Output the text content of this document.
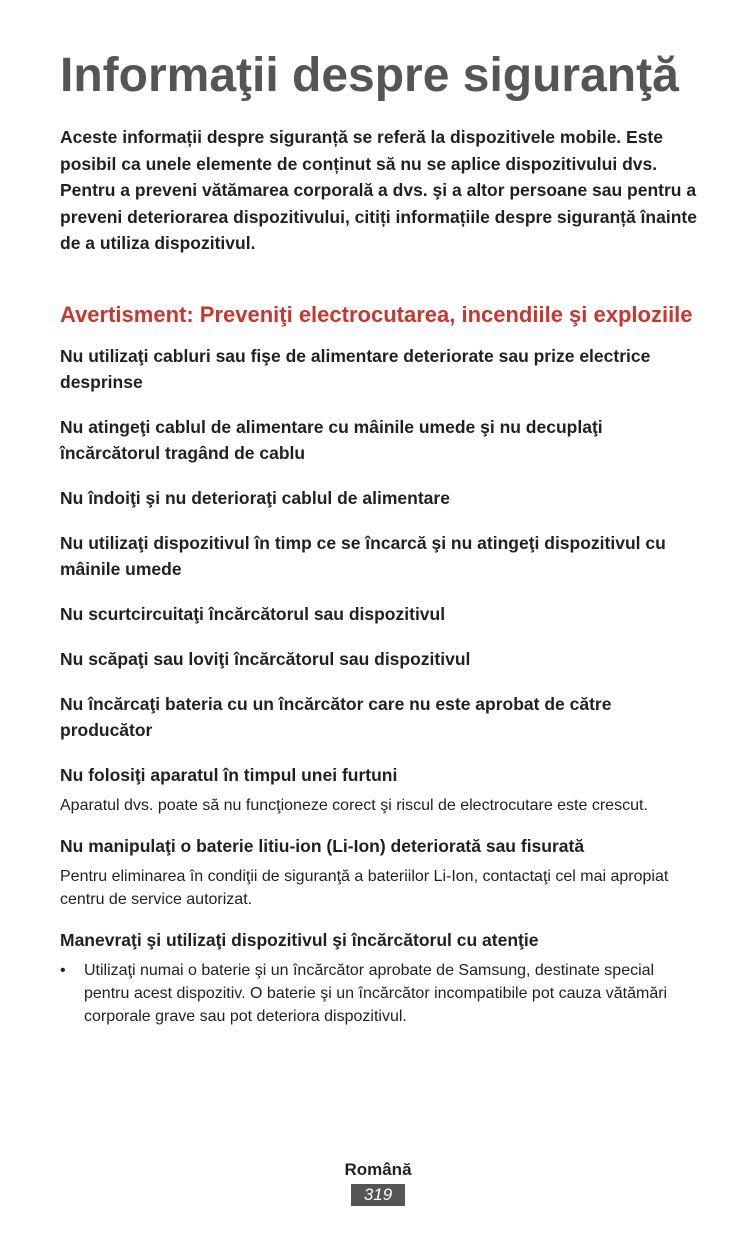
Informaţii despre siguranţă

Aceste informații despre siguranță se referă la dispozitivele mobile. Este posibil ca unele elemente de conținut să nu se aplice dispozitivului dvs. Pentru a preveni vătămarea corporală a dvs. şi a altor persoane sau pentru a preveni deteriorarea dispozitivului, citiți informațiile despre siguranță înainte de a utiliza dispozitivul.

Avertisment: Preveniţi electrocutarea, incendiile şi exploziile

Nu utilizaţi cabluri sau fişe de alimentare deteriorate sau prize electrice desprinse

Nu atingeţi cablul de alimentare cu mâinile umede şi nu decuplaţi încărcătorul tragând de cablu

Nu îndoiţi şi nu deterioraţi cablul de alimentare

Nu utilizaţi dispozitivul în timp ce se încarcă şi nu atingeţi dispozitivul cu mâinile umede

Nu scurtcircuitaţi încărcătorul sau dispozitivul

Nu scăpaţi sau loviţi încărcătorul sau dispozitivul

Nu încărcaţi bateria cu un încărcător care nu este aprobat de către producător

Nu folosiţi aparatul în timpul unei furtuni

Aparatul dvs. poate să nu funcţioneze corect şi riscul de electrocutare este crescut.

Nu manipulaţi o baterie litiu-ion (Li-Ion) deteriorată sau fisurată

Pentru eliminarea în condiţii de siguranţă a bateriilor Li-Ion, contactaţi cel mai apropiat centru de service autorizat.

Manevraţi şi utilizaţi dispozitivul şi încărcătorul cu atenţie

•	Utilizaţi numai o baterie şi un încărcător aprobate de Samsung, destinate special pentru acest dispozitiv. O baterie şi un încărcător incompatibile pot cauza vătămări corporale grave sau pot deteriora dispozitivul.
Română
319
